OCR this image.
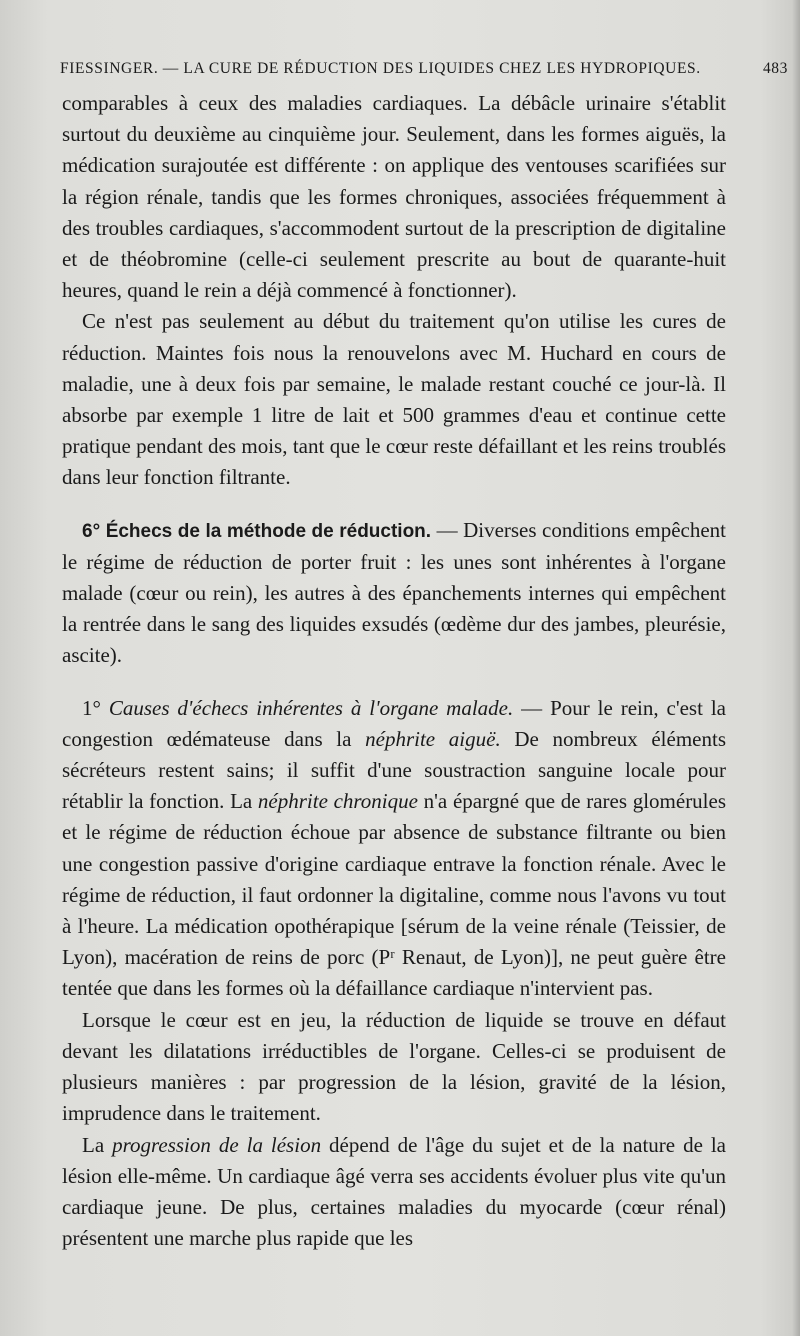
FIESSINGER. — LA CURE DE RÉDUCTION DES LIQUIDES CHEZ LES HYDROPIQUES.	483

comparables à ceux des maladies cardiaques. La débâcle urinaire s'établit surtout du deuxième au cinquième jour. Seulement, dans les formes aiguës, la médication surajoutée est différente : on applique des ventouses scarifiées sur la région rénale, tandis que les formes chroniques, associées fréquemment à des troubles cardiaques, s'accommodent surtout de la prescription de digitaline et de théobromine (celle-ci seulement prescrite au bout de quarante-huit heures, quand le rein a déjà commencé à fonctionner).

Ce n'est pas seulement au début du traitement qu'on utilise les cures de réduction. Maintes fois nous la renouvelons avec M. Huchard en cours de maladie, une à deux fois par semaine, le malade restant couché ce jour-là. Il absorbe par exemple 1 litre de lait et 500 grammes d'eau et continue cette pratique pendant des mois, tant que le cœur reste défaillant et les reins troublés dans leur fonction filtrante.

6° Échecs de la méthode de réduction. — Diverses conditions empêchent le régime de réduction de porter fruit : les unes sont inhérentes à l'organe malade (cœur ou rein), les autres à des épanchements internes qui empêchent la rentrée dans le sang des liquides exsudés (œdème dur des jambes, pleurésie, ascite).

1° Causes d'échecs inhérentes à l'organe malade. — Pour le rein, c'est la congestion œdémateuse dans la néphrite aiguë. De nombreux éléments sécréteurs restent sains; il suffit d'une soustraction sanguine locale pour rétablir la fonction. La néphrite chronique n'a épargné que de rares glomérules et le régime de réduction échoue par absence de substance filtrante ou bien une congestion passive d'origine cardiaque entrave la fonction rénale. Avec le régime de réduction, il faut ordonner la digitaline, comme nous l'avons vu tout à l'heure. La médication opothérapique [sérum de la veine rénale (Teissier, de Lyon), macération de reins de porc (Pʳ Renaut, de Lyon)], ne peut guère être tentée que dans les formes où la défaillance cardiaque n'intervient pas.

Lorsque le cœur est en jeu, la réduction de liquide se trouve en défaut devant les dilatations irréductibles de l'organe. Celles-ci se produisent de plusieurs manières : par progression de la lésion, gravité de la lésion, imprudence dans le traitement.

La progression de la lésion dépend de l'âge du sujet et de la nature de la lésion elle-même. Un cardiaque âgé verra ses accidents évoluer plus vite qu'un cardiaque jeune. De plus, certaines maladies du myocarde (cœur rénal) présentent une marche plus rapide que les
